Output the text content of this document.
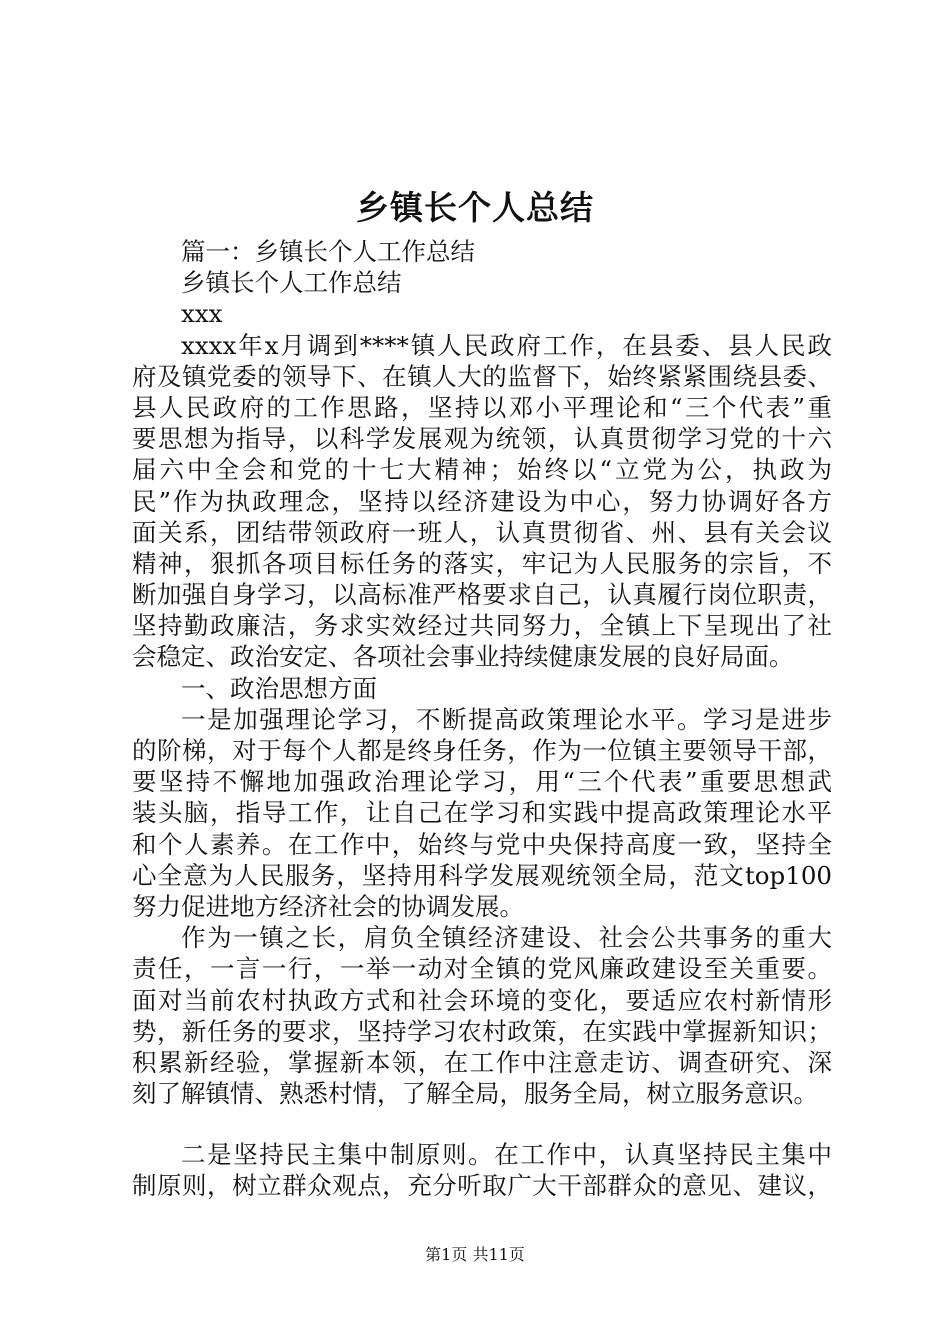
乡镇长个人总结
篇一：乡镇长个人工作总结
乡镇长个人工作总结
xxx
xxxx年x月调到****镇人民政府工作，在县委、县人民政
府及镇党委的领导下、在镇人大的监督下，始终紧紧围绕县委、
县人民政府的工作思路，坚持以邓小平理论和“三个代表”重
要思想为指导，以科学发展观为统领，认真贯彻学习党的十六
届六中全会和党的十七大精神；始终以“立党为公，执政为
民”作为执政理念，坚持以经济建设为中心，努力协调好各方
面关系，团结带领政府一班人，认真贯彻省、州、县有关会议
精神，狠抓各项目标任务的落实，牢记为人民服务的宗旨，不
断加强自身学习，以高标准严格要求自己，认真履行岗位职责，
坚持勤政廉洁，务求实效经过共同努力，全镇上下呈现出了社
会稳定、政治安定、各项社会事业持续健康发展的良好局面。
一、政治思想方面
一是加强理论学习，不断提高政策理论水平。学习是进步
的阶梯，对于每个人都是终身任务，作为一位镇主要领导干部，
要坚持不懈地加强政治理论学习，用“三个代表”重要思想武
装头脑，指导工作，让自己在学习和实践中提高政策理论水平
和个人素养。在工作中，始终与党中央保持高度一致，坚持全
心全意为人民服务，坚持用科学发展观统领全局，范文top100
努力促进地方经济社会的协调发展。
作为一镇之长，肩负全镇经济建设、社会公共事务的重大
责任，一言一行，一举一动对全镇的党风廉政建设至关重要。
面对当前农村执政方式和社会环境的变化，要适应农村新情形
势，新任务的要求，坚持学习农村政策，在实践中掌握新知识；
积累新经验，掌握新本领，在工作中注意走访、调查研究、深
刻了解镇情、熟悉村情，了解全局，服务全局，树立服务意识。
二是坚持民主集中制原则。在工作中，认真坚持民主集中
制原则，树立群众观点，充分听取广大干部群众的意见、建议，
第1页 共11页
